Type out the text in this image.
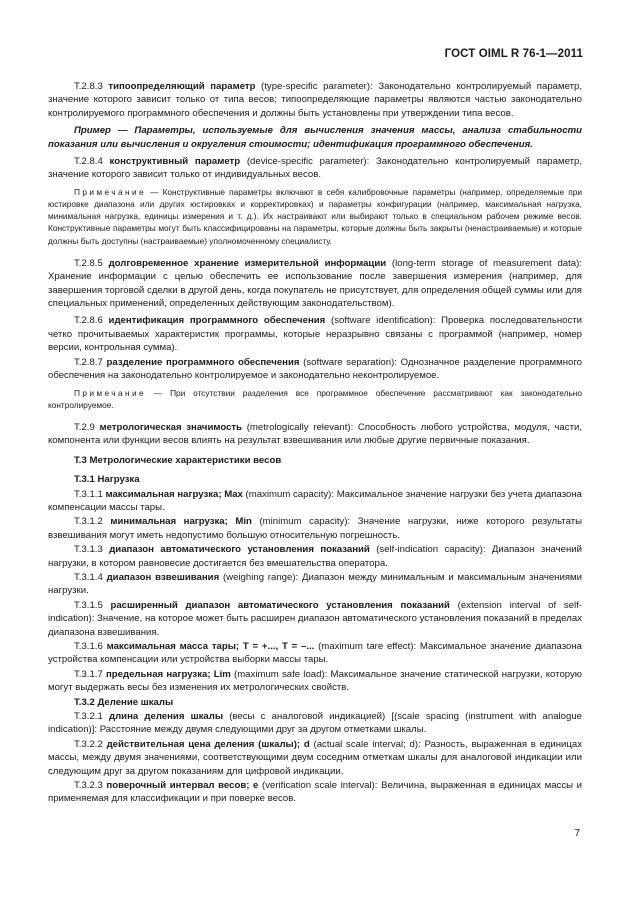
ГОСТ OIML R 76-1—2011

T.2.8.3 типоопределяющий параметр (type-specific parameter): Законодательно контролируемый параметр, значение которого зависит только от типа весов; типоопределяющие параметры являются частью законодательно контролируемого программного обеспечения и должны быть установлены при утверждении типа весов.

Пример — Параметры, используемые для вычисления значения массы, анализа стабильности показания или вычисления и округления стоимости; идентификация программного обеспечения.

T.2.8.4 конструктивный параметр (device-specific parameter): Законодательно контролируемый параметр, значение которого зависит только от индивидуальных весов.

Примечание — Конструктивные параметры включают в себя калибровочные параметры (например, определяемые при юстировке диапазона или других юстировках и корректировках) и параметры конфигурации (например, максимальная нагрузка, минимальная нагрузка, единицы измерения и т. д.). Их настраивают или выбирают только в специальном рабочем режиме весов. Конструктивные параметры могут быть классифицированы на параметры, которые должны быть закрыты (ненастраиваемые) и которые должны быть доступны (настраиваемые) уполномоченному специалисту.

T.2.8.5 долговременное хранение измерительной информации (long-term storage of measurement data): Хранение информации с целью обеспечить ее использование после завершения измерения (например, для завершения торговой сделки в другой день, когда покупатель не присутствует, для определения общей суммы или для специальных применений, определенных действующим законодательством).

T.2.8.6 идентификация программного обеспечения (software identification): Проверка последовательности четко прочитываемых характеристик программы, которые неразрывно связаны с программой (например, номер версии, контрольная сумма).

T.2.8.7 разделение программного обеспечения (software separation): Однозначное разделение программного обеспечения на законодательно контролируемое и законодательно неконтролируемое.

Примечание — При отсутствии разделения все программное обеспечение рассматривают как законодательно контролируемое.

T.2.9 метрологическая значимость (metrologically relevant): Способность любого устройства, модуля, части, компонента или функции весов влиять на результат взвешивания или любые другие первичные показания.

T.3 Метрологические характеристики весов

T.3.1 Нагрузка

T.3.1.1 максимальная нагрузка; Max (maximum capacity): Максимальное значение нагрузки без учета диапазона компенсации массы тары.

T.3.1.2 минимальная нагрузка; Min (minimum capacity): Значение нагрузки, ниже которого результаты взвешивания могут иметь недопустимо большую относительную погрешность.

T.3.1.3 диапазон автоматического установления показаний (self-indication capacity): Диапазон значений нагрузки, в котором равновесие достигается без вмешательства оператора.

T.3.1.4 диапазон взвешивания (weighing range): Диапазон между минимальным и максимальным значениями нагрузки.

T.3.1.5 расширенный диапазон автоматического установления показаний (extension interval of self-indication): Значение, на которое может быть расширен диапазон автоматического установления показаний в пределах диапазона взвешивания.

T.3.1.6 максимальная масса тары; T = +..., T = –... (maximum tare effect): Максимальное значение диапазона устройства компенсации или устройства выборки массы тары.

T.3.1.7 предельная нагрузка; Lim (maximum safe load): Максимальное значение статической нагрузки, которую могут выдержать весы без изменения их метрологических свойств.

T.3.2 Деление шкалы

T.3.2.1 длина деления шкалы (весы с аналоговой индикацией) [(scale spacing (instrument with analogue indication)]: Расстояние между двумя следующими друг за другом отметками шкалы.

T.3.2.2 действительная цена деления (шкалы); d (actual scale interval; d): Разность, выраженная в единицах массы, между двумя значениями, соответствующими двум соседним отметкам шкалы для аналоговой индикации или следующим друг за другом показаниям для цифровой индикации.

T.3.2.3 поверочный интервал весов; e (verification scale interval): Величина, выраженная в единицах массы и применяемая для классификации и при поверке весов.

7
